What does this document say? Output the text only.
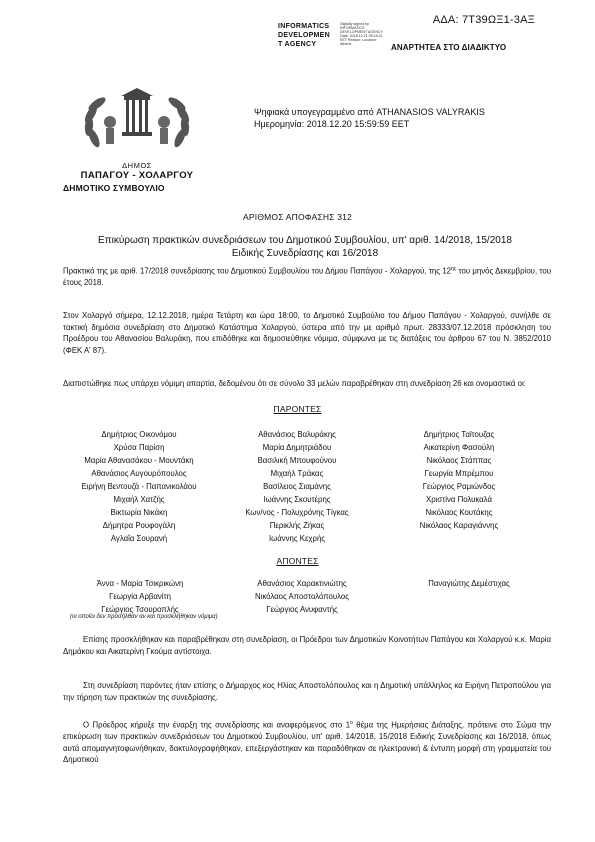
ΑΔΑ: 7Τ39ΩΞ1-3ΑΞ
INFORMATICS
DEVELOPMEN
T AGENCY
Digitally signed by INFORMATICS DEVELOPMENT AGENCY Date: 2018.12.21 09:15:21 EET Reason: Location: Athens	ΑΝΑΡΤΗΤΕΑ ΣΤΟ ΔΙΑΔΙΚΤΥΟ
ΔΗΜΟΣ
ΠΑΠΑΓΟΥ - ΧΟΛΑΡΓΟΥ
Ψηφιακά υπογεγραμμένο από ATHANASIOS VALYRAKIS
Ημερομηνία: 2018.12.20 15:59:59 EET
ΔΗΜΟΤΙΚΟ ΣΥΜΒΟΥΛΙΟ
ΑΡΙΘΜΟΣ ΑΠΟΦΑΣΗΣ 312
Επικύρωση πρακτικών συνεδριάσεων του Δημοτικού Συμβουλίου, υπ' αριθ. 14/2018, 15/2018
Ειδικής Συνεδρίασης και 16/2018
Πρακτικό της με αριθ. 17/2018 συνεδρίασης του Δημοτικού Συμβουλίου του Δήμου Παπάγου - Χολαργού, της $12^{\eta\varsigma}$ του μηνός Δεκεμβρίου, του έτους 2018.
Στον Χολαργό σήμερα, 12.12.2018, ημέρα Τετάρτη και ώρα 18:00, το Δημοτικό Συμβούλιο του Δήμου Παπάγου - Χολαργού, συνήλθε σε τακτική δημόσια συνεδρίαση στο Δημοτικό Κατάστημα Χολαργού, ύστερα από την με αριθμό πρωτ. 28333/07.12.2018 πρόσκληση του Προέδρου του Αθανασίου Βαλυράκη, που επιδόθηκε και δημοσιεύθηκε νόμιμα, σύμφωνα με τις διατάξεις του άρθρου 67 του Ν. 3852/2010 (ΦΕΚ Α' 87).
Διαπιστώθηκε πως υπάρχει νόμιμη απαρτία, δεδομένου ότι σε σύνολο 33 μελών παραβρέθηκαν στη συνεδρίαση 26 και ονομαστικά οι:
ΠΑΡΟΝΤΕΣ
Δημήτριος Οικονόμου
Χρύσα Παρίση
Μαρία Αθανασάκου - Μουντάκη
Αθανάσιος Αυγουρόπουλος
Ειρήνη Βεντουζά - Παπανικολάου
Μιχαήλ Χατζής
Βικτωρία Νικάκη
Δήμητρα Ρουφογάλη
Αγλαΐα Σουρανή
Αθανάσιος Βαλυράκης
Μαρία Δημητριάδου
Βασιλική Μπουφούνου
Μιχαήλ Τράκας
Βασίλειος Σιαμάνης
Ιωάννης Σκουτέρης
Κων/νος - Πολυχρόνης Τίγκας
Περικλής Ζήκας
Ιωάννης Κεχρής
Δημήτριος Ταϊτουζας
Αικατερίνη Φασούλη
Νικόλαος Στάππας
Γεωργία Μπρέμπου
Γεώργιος Ραμιώνδος
Χριστίνα Πολυκαλά
Νικόλαος Κουτάκης
Νικόλαος Καραγιάννης
ΑΠΟΝΤΕΣ
Άννα - Μαρία Τσικρικώνη
Γεωργία Αρβανίτη
Γεώργιος Τσουροπλής
Αθανάσιος Χαρακτινιώτης
Νικόλαος Αποστολόπουλος
Γεώργιος Ανυφαντής
Παναγιώτης Δεμέστιχας
(οι οποίοι δεν προσήλθαν αν και προσκλήθηκαν νόμιμα)
Επίσης προσκλήθηκαν και παραβρέθηκαν στη συνεδρίαση, οι Πρόεδροι των Δημοτικών Κοινοτήτων Παπάγου και Χολαργού κ.κ. Μαρία Δημάκου και Αικατερίνη Γκούμα αντίστοιχα.
Στη συνεδρίαση παρόντες ήταν επίσης ο Δήμαρχος κος Ηλίας Αποστολόπουλος και η Δημοτική υπάλληλος κα Ειρήνη Πετροπούλου για την τήρηση των πρακτικών της συνεδρίασης.
Ο Πρόεδρος κήρυξε την έναρξη της συνεδρίασης και αναφερόμενος στο $1^o$ θέμα της Ημερήσιας Διάταξης, πρότεινε στο Σώμα την επικύρωση των πρακτικών συνεδριάσεων του Δημοτικού Συμβουλίου, υπ' αριθ. 14/2018, 15/2018 Ειδικής Συνεδρίασης και 16/2018, όπως αυτά απομαγνητοφωνήθηκαν, δακτυλογραφήθηκαν, επεξεργάστηκαν και παραδόθηκαν σε ηλεκτρονική & έντυπη μορφή στη γραμματεία του Δημοτικού
